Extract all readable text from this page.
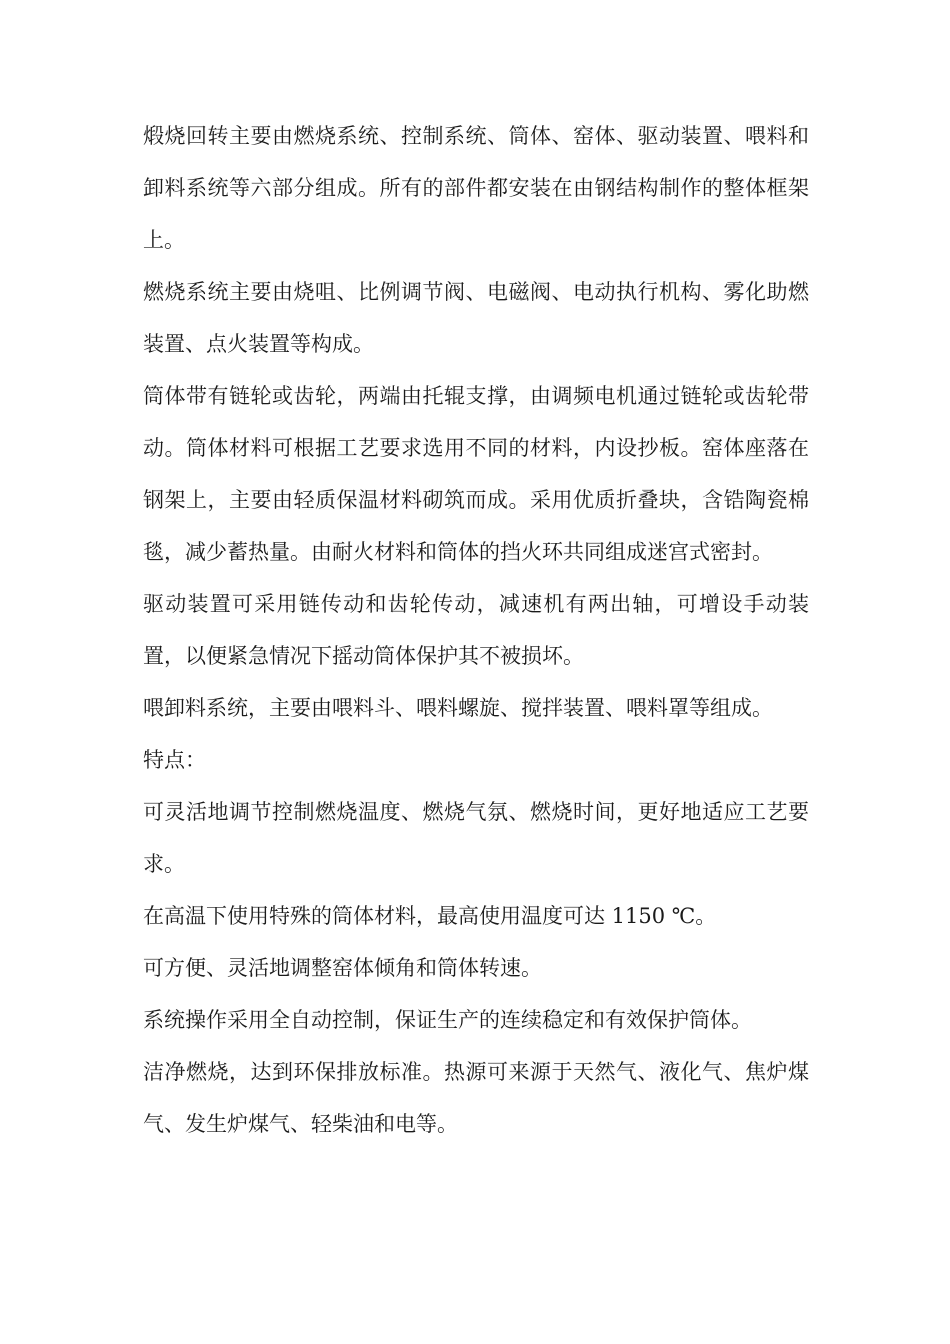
煅烧回转主要由燃烧系统、控制系统、筒体、窑体、驱动装置、喂料和卸料系统等六部分组成。所有的部件都安装在由钢结构制作的整体框架上。

燃烧系统主要由烧咀、比例调节阀、电磁阀、电动执行机构、雾化助燃装置、点火装置等构成。

筒体带有链轮或齿轮，两端由托辊支撑，由调频电机通过链轮或齿轮带动。筒体材料可根据工艺要求选用不同的材料，内设抄板。窑体座落在钢架上，主要由轻质保温材料砌筑而成。采用优质折叠块，含锆陶瓷棉毯，减少蓄热量。由耐火材料和筒体的挡火环共同组成迷宫式密封。

驱动装置可采用链传动和齿轮传动，减速机有两出轴，可增设手动装置，以便紧急情况下摇动筒体保护其不被损坏。

喂卸料系统，主要由喂料斗、喂料螺旋、搅拌装置、喂料罩等组成。

特点：

可灵活地调节控制燃烧温度、燃烧气氛、燃烧时间，更好地适应工艺要求。

在高温下使用特殊的筒体材料，最高使用温度可达 1150 ℃。

可方便、灵活地调整窑体倾角和筒体转速。

系统操作采用全自动控制，保证生产的连续稳定和有效保护筒体。

洁净燃烧，达到环保排放标准。热源可来源于天然气、液化气、焦炉煤气、发生炉煤气、轻柴油和电等。
